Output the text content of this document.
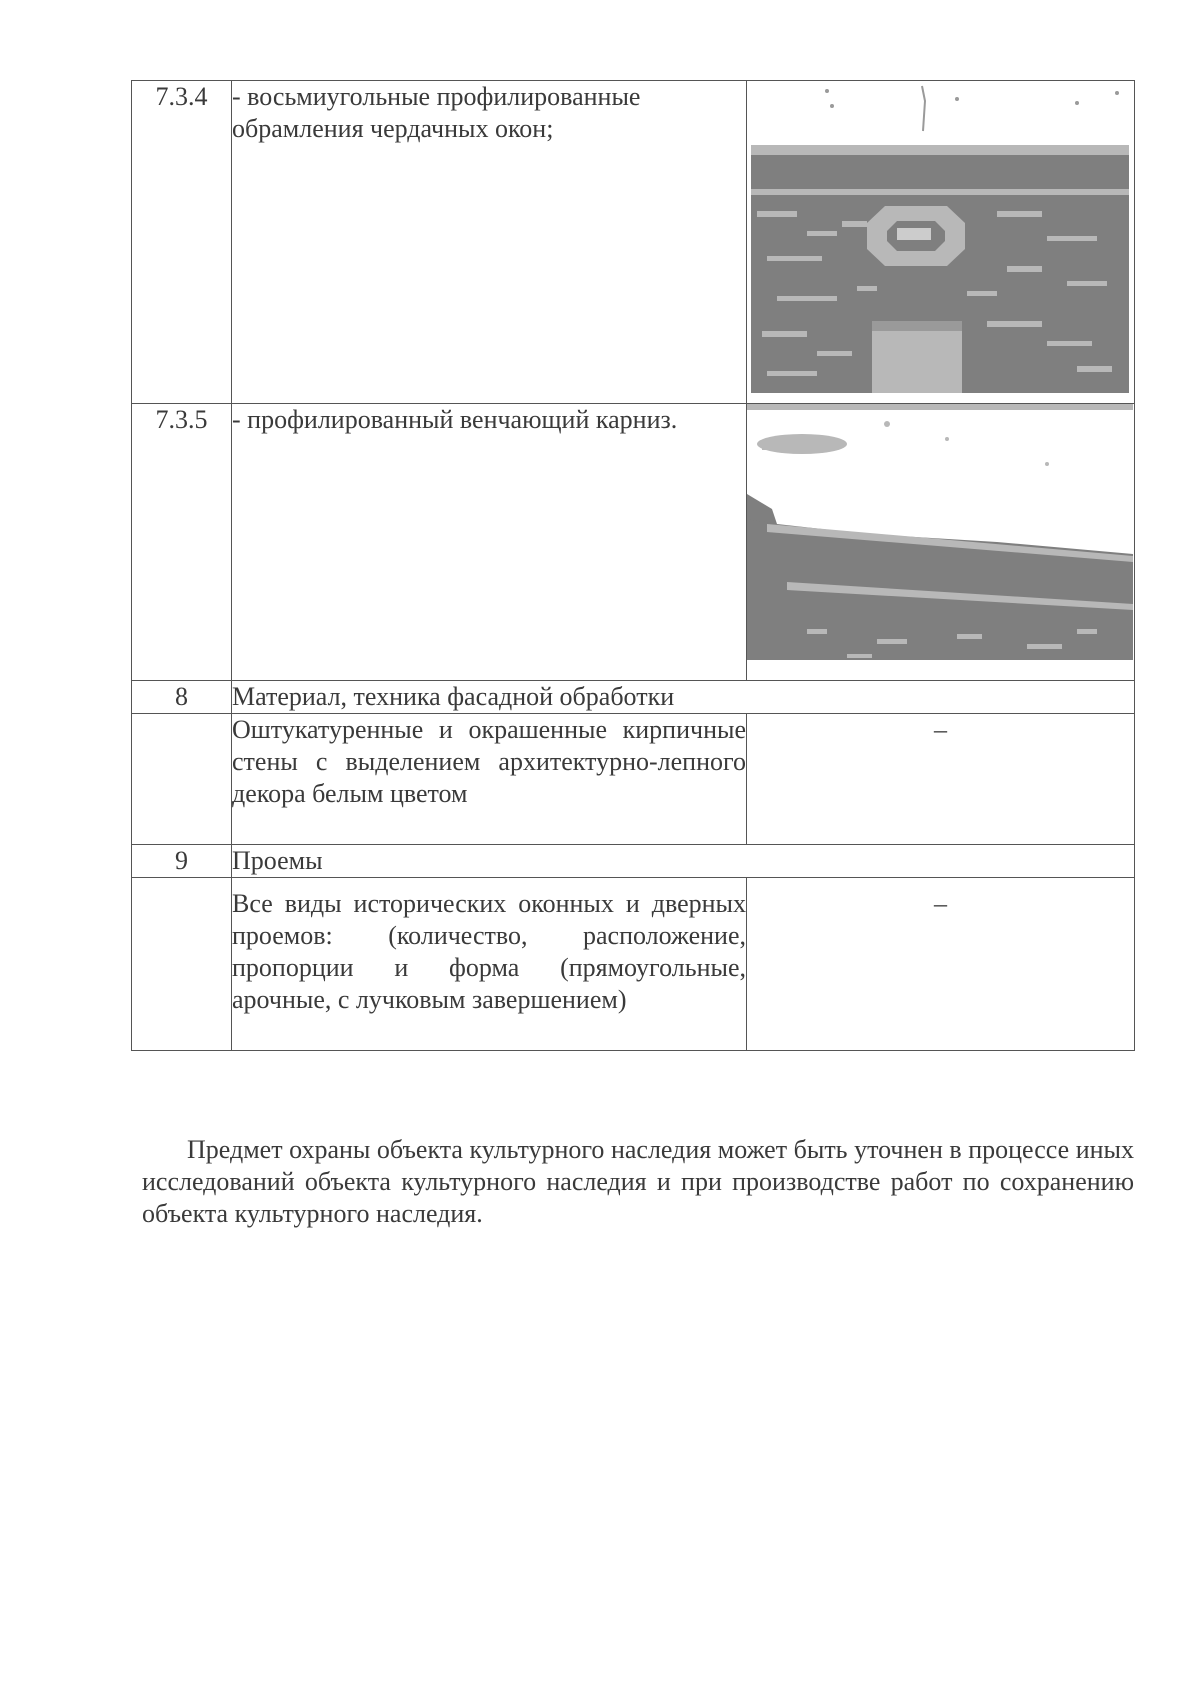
7.3.4	- восьмиугольные профилированные обрамления чердачных окон;	

7.3.5	- профилированный венчающий карниз.	

8	Материал, техника фасадной обработки	
	Оштукатуренные и окрашенные кирпичные стены с выделением архитектурно-лепного декора белым цветом	–
9	Проемы	
	Все виды исторических оконных и дверных проемов: (количество, расположение, пропорции и форма (прямоугольные, арочные, с лучковым завершением)	–

Предмет охраны объекта культурного наследия может быть уточнен в процессе иных исследований объекта культурного наследия и при производстве работ по сохранению объекта культурного наследия.
